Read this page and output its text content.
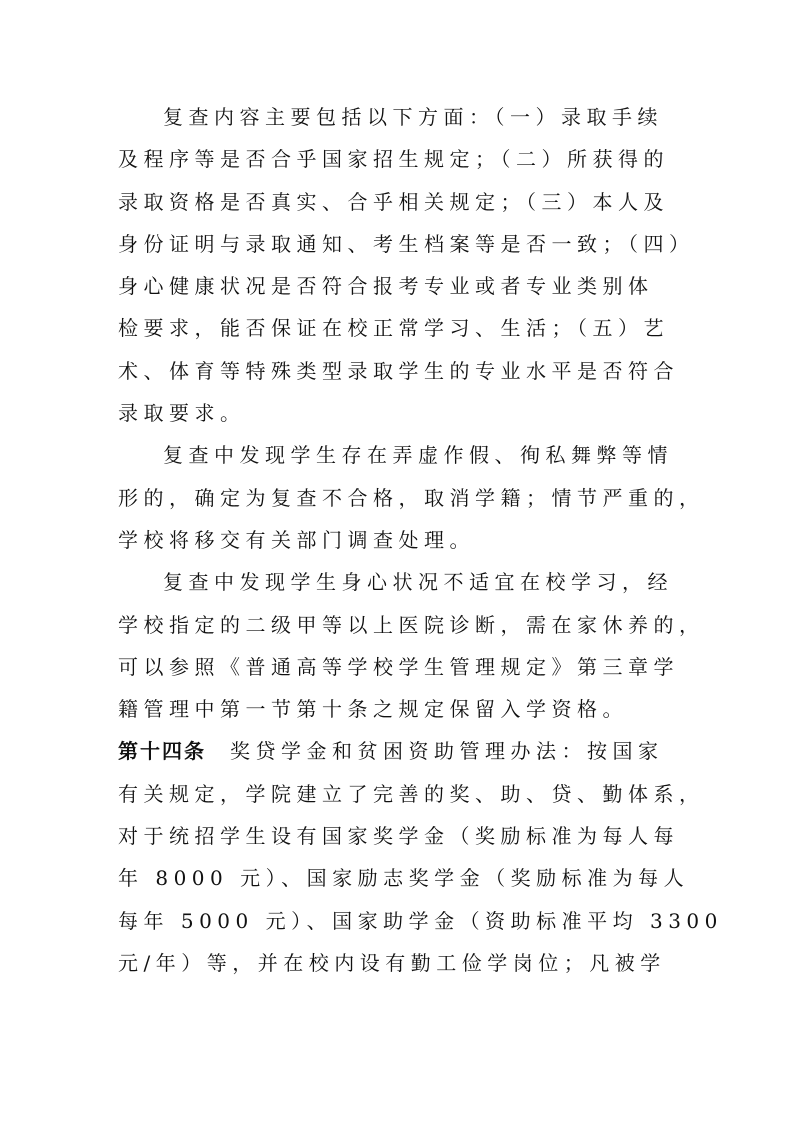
复查内容主要包括以下方面：（一）录取手续
及程序等是否合乎国家招生规定；（二）所获得的
录取资格是否真实、合乎相关规定；（三）本人及
身份证明与录取通知、考生档案等是否一致；（四）
身心健康状况是否符合报考专业或者专业类别体
检要求，能否保证在校正常学习、生活；（五）艺
术、体育等特殊类型录取学生的专业水平是否符合
录取要求。
复查中发现学生存在弄虚作假、徇私舞弊等情
形的，确定为复查不合格，取消学籍；情节严重的，
学校将移交有关部门调查处理。
复查中发现学生身心状况不适宜在校学习，经
学校指定的二级甲等以上医院诊断，需在家休养的，
可以参照《普通高等学校学生管理规定》第三章学
籍管理中第一节第十条之规定保留入学资格。
第十四条 奖贷学金和贫困资助管理办法：按国家
有关规定，学院建立了完善的奖、助、贷、勤体系，
对于统招学生设有国家奖学金（奖励标准为每人每
年 8000 元）、国家励志奖学金（奖励标准为每人
每年 5000 元）、国家助学金（资助标准平均 3300
元/年）等，并在校内设有勤工俭学岗位；凡被学
